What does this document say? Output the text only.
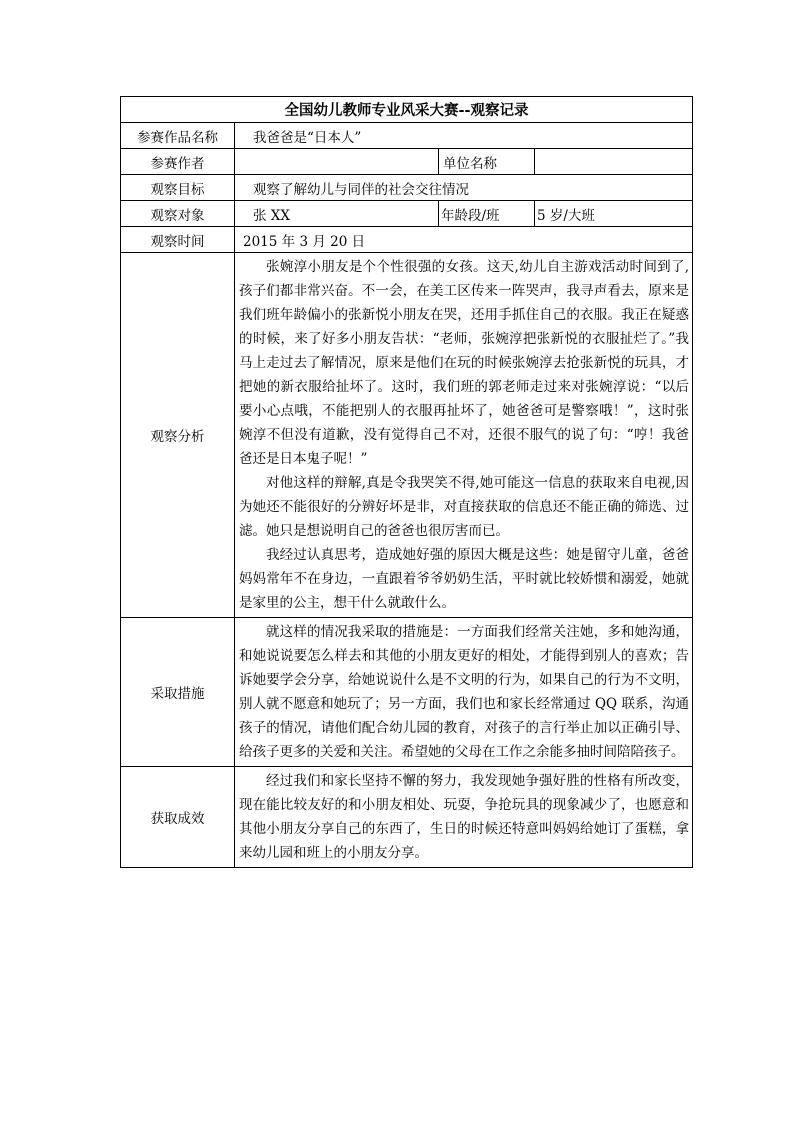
全国幼儿教师专业风采大赛--观察记录			
参赛作品名称	我爸爸是“日本人”		
参赛作者		单位名称	
观察目标	观察了解幼儿与同伴的社会交往情况		
观察对象	张 XX	年龄段/班	5 岁/大班
观察时间	2015 年 3 月 20 日		
观察分析	张婉淳小朋友是个个性很强的女孩。这天,幼儿自主游戏活动时间到了,孩子们都非常兴奋。不一会，在美工区传来一阵哭声，我寻声看去，原来是我们班年龄偏小的张新悦小朋友在哭，还用手抓住自己的衣服。我正在疑惑的时候，来了好多小朋友告状：“老师，张婉淳把张新悦的衣服扯烂了。”我马上走过去了解情况，原来是他们在玩的时候张婉淳去抢张新悦的玩具，才把她的新衣服给扯坏了。这时，我们班的郭老师走过来对张婉淳说：“以后要小心点哦，不能把别人的衣服再扯坏了，她爸爸可是警察哦！”，这时张婉淳不但没有道歉，没有觉得自己不对，还很不服气的说了句：“哼！我爸爸还是日本鬼子呢！”

对他这样的辩解,真是令我哭笑不得,她可能这一信息的获取来自电视,因为她还不能很好的分辨好坏是非，对直接获取的信息还不能正确的筛选、过滤。她只是想说明自己的爸爸也很厉害而已。

我经过认真思考，造成她好强的原因大概是这些：她是留守儿童，爸爸妈妈常年不在身边，一直跟着爷爷奶奶生活，平时就比较娇惯和溺爱，她就是家里的公主，想干什么就敢什么。		

采取措施	就这样的情况我采取的措施是：一方面我们经常关注她，多和她沟通，和她说说要怎么样去和其他的小朋友更好的相处，才能得到别人的喜欢；告诉她要学会分享，给她说说什么是不文明的行为，如果自己的行为不文明，别人就不愿意和她玩了；另一方面，我们也和家长经常通过 QQ 联系，沟通孩子的情况，请他们配合幼儿园的教育，对孩子的言行举止加以正确引导、给孩子更多的关爱和关注。希望她的父母在工作之余能多抽时间陪陪孩子。		

获取成效	经过我们和家长坚持不懈的努力，我发现她争强好胜的性格有所改变，现在能比较友好的和小朋友相处、玩耍，争抢玩具的现象减少了，也愿意和其他小朋友分享自己的东西了，生日的时候还特意叫妈妈给她订了蛋糕，拿来幼儿园和班上的小朋友分享。		
